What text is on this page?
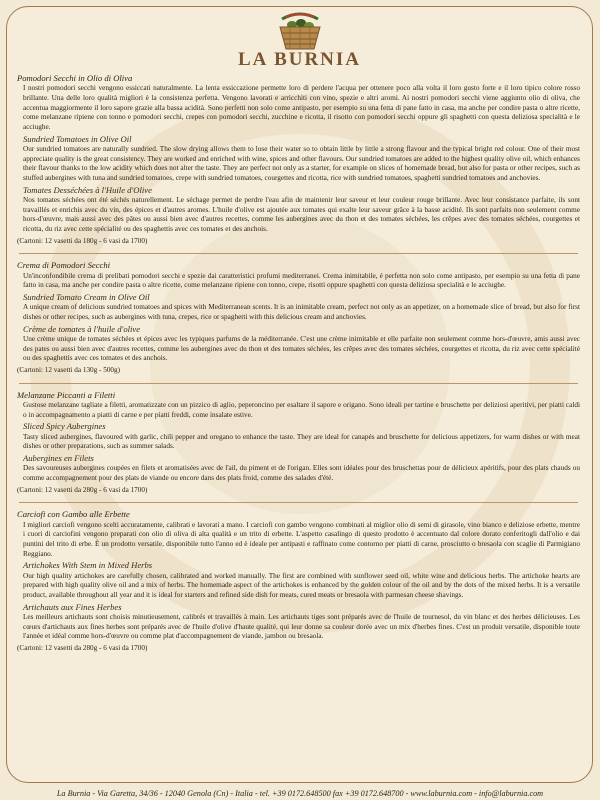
LA BURNIA
Pomodori Secchi in Olio di Oliva
I nostri pomodori secchi vengono essiccati naturalmente. La lenta essiccazione permette loro di perdere l'acqua per ottenere poco alla volta il loro gusto forte e il loro tipico colore rosso brillante. Una delle loro qualità migliori è la consistenza perfetta. Vengono lavorati e arricchiti con vino, spezie e altri aromi. Ai nostri pomodori secchi viene aggiunto olio di oliva, che accentua maggiormente il loro sapore grazie alla bassa acidità. Sono perfetti non solo come antipasto, per esempio su una fetta di pane fatto in casa, ma anche per condire pasta o altre ricette, come melanzane ripiene con tonno e pomodori secchi, crepes con pomodori secchi, zucchine e ricotta, il risotto con pomodori secchi oppure gli spaghetti con questa deliziosa specialità e le acciughe.
Sundried Tomatoes in Olive Oil
Our sundried tomatoes are naturally sundried. The slow drying allows them to lose their water so to obtain little by little a strong flavour and the typical bright red colour. One of their most appreciate quality is the great consistency. They are worked and enriched with wine, spices and other flavours. Our sundried tomatoes are added to the highest quality olive oil, which enhances their flavour thanks to the low acidity which does not alter the taste. They are perfect not only as a starter, for example on slices of homemade bread, but also for pasta or other recipes, such as stuffed aubergines with tuna and sundried tomatoes, crepe with sundried tomatoes, courgettes and ricotta, rice with sundried tomatoes, spaghetti sundried tomatoes and anchovies.
Tomates Desséchées à l'Huile d'Olive
Nos tomates séchées ont été séchés naturellement. Le séchage permet de perdre l'eau afin de maintenir leur saveur et leur couleur rouge brillante. Avec leur consistance parfaite, ils sont travaillés et enrichis avec du vin, des épices et d'autres aromes. L'huile d'olive est ajoutée aux tomates qui exalte leur saveur grâce à la basse acidité. Ils sont parfaits non seulement comme hors-d'œuvre, mais aussi avec des pâtes ou aussi bien avec d'autres recettes, comme les aubergines avec du thon et des tomates séchées, les crêpes avec des tomates séchées, courgettes et ricotta, du riz avec cette spécialité ou des spaghettis avec ces tomates et des anchois.
(Cartoni: 12 vasetti da 180g - 6 vasi da 1700)
Crema di Pomodori Secchi
Un'inconfondibile crema di prelibati pomodori secchi e spezie dai caratteristici profumi mediterranei. Crema inimitabile, é perfetta non solo come antipasto, per esempio su una fetta di pane fatto in casa, ma anche per condire pasta o altre ricette, come melanzane ripiene con tonno, crepe, risotti oppure spaghetti con questa deliziosa specialità e le acciughe.
Sundried Tomato Cream in Olive Oil
A unique cream of delicious sundried tomatoes and spices with Mediterranean scents. It is an inimitable cream, perfect not only as an appetizer, on a homemade slice of bread, but also for first dishes or other recipes, such as aubergines with tuna, crepes, rice or spaghetti with this delicious cream and anchovies.
Crème de tomates à l'huile d'olive
Une crème unique de tomates séchées et épices avec les typiques parfums de la méditerranée. C'est une crème inimitable et elle parfaite non seulement comme hors-d'œuvre, amis aussi avec des pates ou aussi bien avec d'autres recettes, comme les aubergines avec du thon et des tomates séchées, les crêpes avec des tomates séchées, courgettes et ricotta, du riz avec cette spécialité ou des spaghettis avec ces tomates et des anchois.
(Cartoni: 12 vasetti da 130g - 500g)
Melanzane Piccanti a Filetti
Gustose melanzane tagliate a filetti, aromatizzate con un pizzico di aglio, peperoncino per esaltare il sapore e origano. Sono ideali per tartine e bruschette per deliziosi aperitivi, per piatti caldi o in accompagnamento a piatti di carne e per piatti freddi, come insalate estive.
Sliced Spicy Aubergines
Tasty sliced aubergines, flavoured with garlic, chili pepper and oregano to enhance the taste. They are ideal for canapés and bruschette for delicious appetizers, for warm dishes or with meat dishes or other preparations, such as summer salads.
Aubergines en Filets
Des savoureuses aubergines coupées en filets et aromatisées avec de l'ail, du piment et de l'origan. Elles sont idéales pour des bruschettas pour de délicieux apéritifs, pour des plats chauds ou comme accompagnement pour des plats de viande ou encore dans des plats froid, comme des salades d'été.
(Cartoni: 12 vasetti da 280g - 6 vasi da 1700)
Carciofi con Gambo alle Erbette
I migliori carciofi vengono scelti accuratamente, calibrati e lavorati a mano. I carciofi con gambo vengono combinati al miglior olio di semi di girasole, vino bianco e deliziose erbette, mentre i cuori di carciofini vengono preparati con olio di oliva di alta qualità e un trito di erbette. L'aspetto casalingo di questo prodotto è accentuato dal colore dorato conferitogli dall'olio e dai puntini del trito di erbe. È un prodotto versatile, disponibile tutto l'anno ed è ideale per antipasti e raffinato come contorno per piatti di carne, prosciutto o bresaola con scaglie di Parmigiano Reggiano.
Artichokes With Stem in Mixed Herbs
Our high quality artichokes are carefully chosen, calibrated and worked manually. The first are combined with sunflower seed oil, white wine and delicious herbs. The artichoke hearts are prepared with high quality olive oil and a mix of herbs. The homemade aspect of the artichokes is enhanced by the golden colour of the oil and by the dots of the mixed herbs. It is a versatile product, available throughout all year and it is ideal for starters and refined side dish for meats, cured meats or bresaola with parmesan cheese shavings.
Artichauts aux Fines Herbes
Les meilleurs artichauts sont choisis minutieusement, calibrés et travaillés à main. Les artichauts tiges sont préparés avec de l'huile de tournesol, du vin blanc et des herbes délicieuses. Les cœurs d'artichauts aux fines herbes sont préparés avec de l'huile d'olive d'haute qualité, qui leur donne sa couleur dorée avec un mix d'herbes fines. C'est un produit versatile, disponible toute l'année et idéal comme hors-d'œuvre ou comme plat d'accompagnement de viande, jambon ou bresaola.
(Cartoni: 12 vasetti da 280g - 6 vasi da 1700)
La Burnia - Via Garetta, 34/36 - 12040 Genola (Cn) - Italia - tel. +39 0172.648500 fax +39 0172.648700 - www.laburnia.com - info@laburnia.com
